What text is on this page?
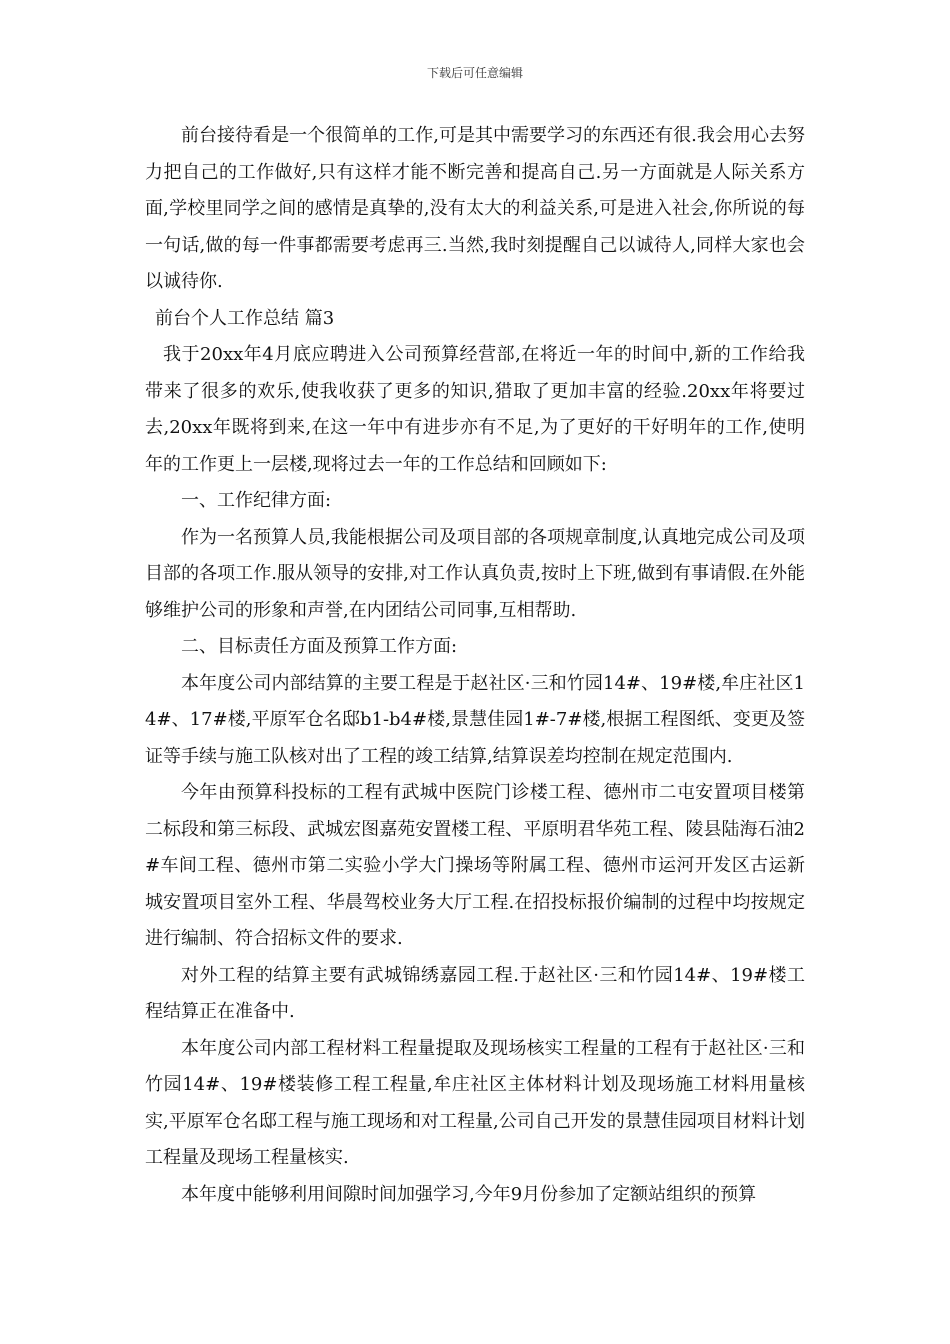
下载后可任意编辑

前台接待看是一个很简单的工作,可是其中需要学习的东西还有很.我会用心去努力把自己的工作做好,只有这样才能不断完善和提高自己.另一方面就是人际关系方面,学校里同学之间的感情是真挚的,没有太大的利益关系,可是进入社会,你所说的每一句话,做的每一件事都需要考虑再三.当然,我时刻提醒自己以诚待人,同样大家也会以诚待你.

前台个人工作总结 篇3

我于20xx年4月底应聘进入公司预算经营部,在将近一年的时间中,新的工作给我带来了很多的欢乐,使我收获了更多的知识,猎取了更加丰富的经验.20xx年将要过去,20xx年既将到来,在这一年中有进步亦有不足,为了更好的干好明年的工作,使明年的工作更上一层楼,现将过去一年的工作总结和回顾如下:

一、工作纪律方面:

作为一名预算人员,我能根据公司及项目部的各项规章制度,认真地完成公司及项目部的各项工作.服从领导的安排,对工作认真负责,按时上下班,做到有事请假.在外能够维护公司的形象和声誉,在内团结公司同事,互相帮助.

二、目标责任方面及预算工作方面:

本年度公司内部结算的主要工程是于赵社区·三和竹园14#、19#楼,牟庄社区14#、17#楼,平原军仓名邸b1-b4#楼,景慧佳园1#-7#楼,根据工程图纸、变更及签证等手续与施工队核对出了工程的竣工结算,结算误差均控制在规定范围内.

今年由预算科投标的工程有武城中医院门诊楼工程、德州市二屯安置项目楼第二标段和第三标段、武城宏图嘉苑安置楼工程、平原明君华苑工程、陵县陆海石油2#车间工程、德州市第二实验小学大门操场等附属工程、德州市运河开发区古运新城安置项目室外工程、华晨驾校业务大厅工程.在招投标报价编制的过程中均按规定进行编制、符合招标文件的要求.

对外工程的结算主要有武城锦绣嘉园工程.于赵社区·三和竹园14#、19#楼工程结算正在准备中.

本年度公司内部工程材料工程量提取及现场核实工程量的工程有于赵社区·三和竹园14#、19#楼装修工程工程量,牟庄社区主体材料计划及现场施工材料用量核实,平原军仓名邸工程与施工现场和对工程量,公司自己开发的景慧佳园项目材料计划工程量及现场工程量核实.

本年度中能够利用间隙时间加强学习,今年9月份参加了定额站组织的预算
